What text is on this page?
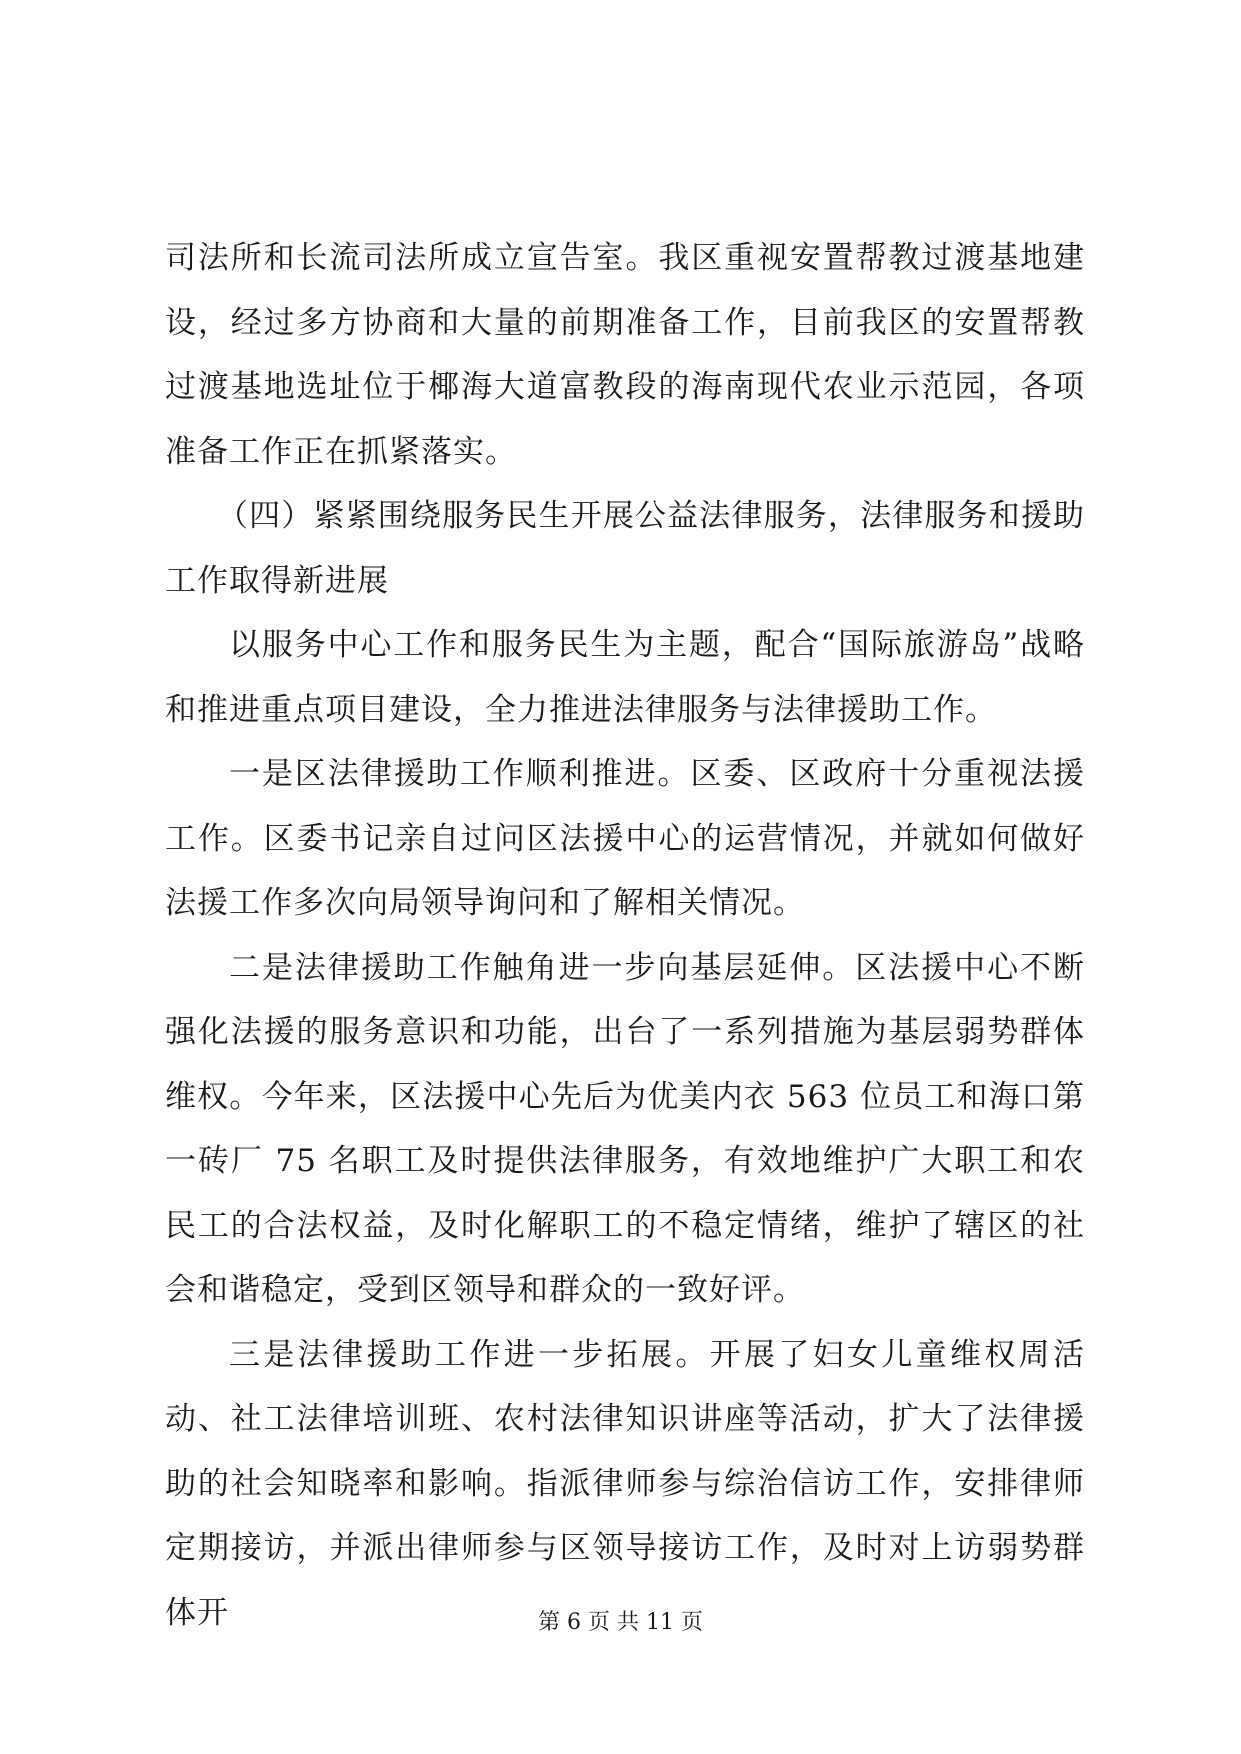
司法所和长流司法所成立宣告室。我区重视安置帮教过渡基地建设，经过多方协商和大量的前期准备工作，目前我区的安置帮教过渡基地选址位于椰海大道富教段的海南现代农业示范园，各项准备工作正在抓紧落实。

（四）紧紧围绕服务民生开展公益法律服务，法律服务和援助工作取得新进展

以服务中心工作和服务民生为主题，配合“国际旅游岛”战略和推进重点项目建设，全力推进法律服务与法律援助工作。

一是区法律援助工作顺利推进。区委、区政府十分重视法援工作。区委书记亲自过问区法援中心的运营情况，并就如何做好法援工作多次向局领导询问和了解相关情况。

二是法律援助工作触角进一步向基层延伸。区法援中心不断强化法援的服务意识和功能，出台了一系列措施为基层弱势群体维权。今年来，区法援中心先后为优美内衣 563 位员工和海口第一砖厂 75 名职工及时提供法律服务，有效地维护广大职工和农民工的合法权益，及时化解职工的不稳定情绪，维护了辖区的社会和谐稳定，受到区领导和群众的一致好评。

三是法律援助工作进一步拓展。开展了妇女儿童维权周活动、社工法律培训班、农村法律知识讲座等活动，扩大了法律援助的社会知晓率和影响。指派律师参与综治信访工作，安排律师定期接访，并派出律师参与区领导接访工作，及时对上访弱势群体开	第 6 页 共 11 页
